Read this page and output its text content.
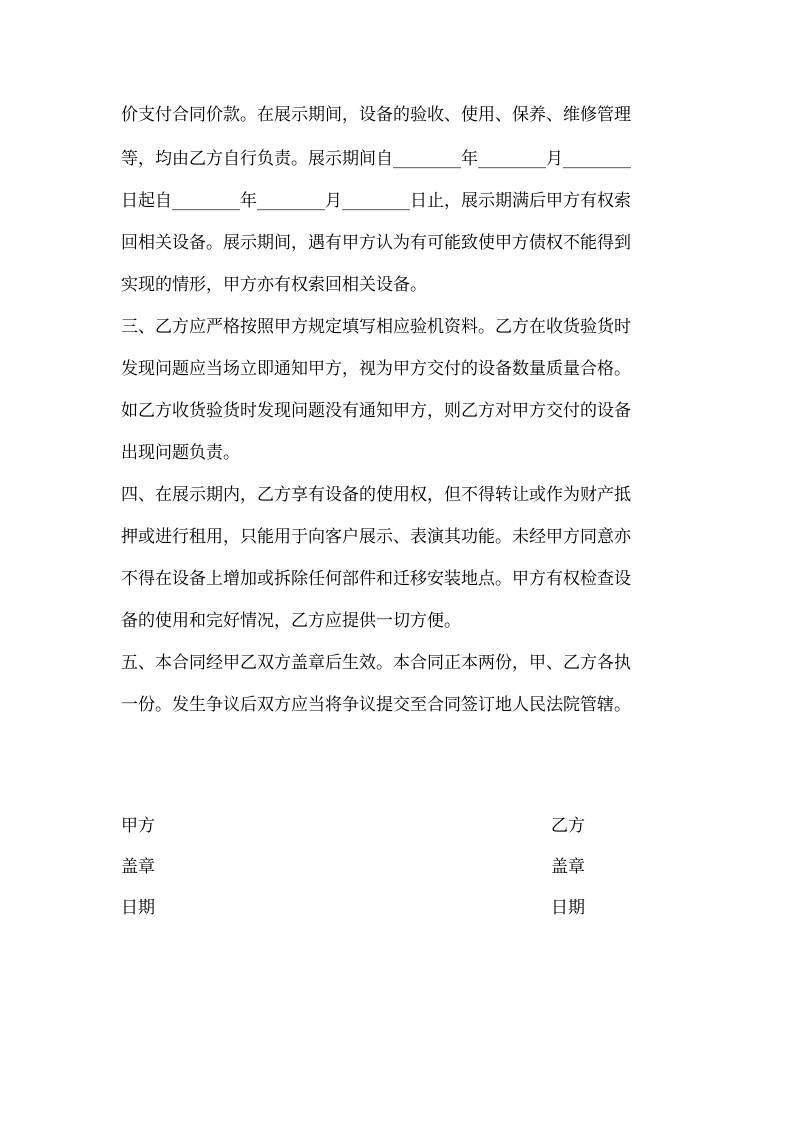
价支付合同价款。在展示期间，设备的验收、使用、保养、维修管理
等，均由乙方自行负责。展示期间自________年________月________
日起自________年________月________日止，展示期满后甲方有权索
回相关设备。展示期间，遇有甲方认为有可能致使甲方债权不能得到
实现的情形，甲方亦有权索回相关设备。
三、乙方应严格按照甲方规定填写相应验机资料。乙方在收货验货时
发现问题应当场立即通知甲方，视为甲方交付的设备数量质量合格。
如乙方收货验货时发现问题没有通知甲方，则乙方对甲方交付的设备
出现问题负责。
四、在展示期内，乙方享有设备的使用权，但不得转让或作为财产抵
押或进行租用，只能用于向客户展示、表演其功能。未经甲方同意亦
不得在设备上增加或拆除任何部件和迁移安装地点。甲方有权检查设
备的使用和完好情况，乙方应提供一切方便。
五、本合同经甲乙双方盖章后生效。本合同正本两份，甲、乙方各执
一份。发生争议后双方应当将争议提交至合同签订地人民法院管辖。
甲方
盖章
日期
乙方
盖章
日期
